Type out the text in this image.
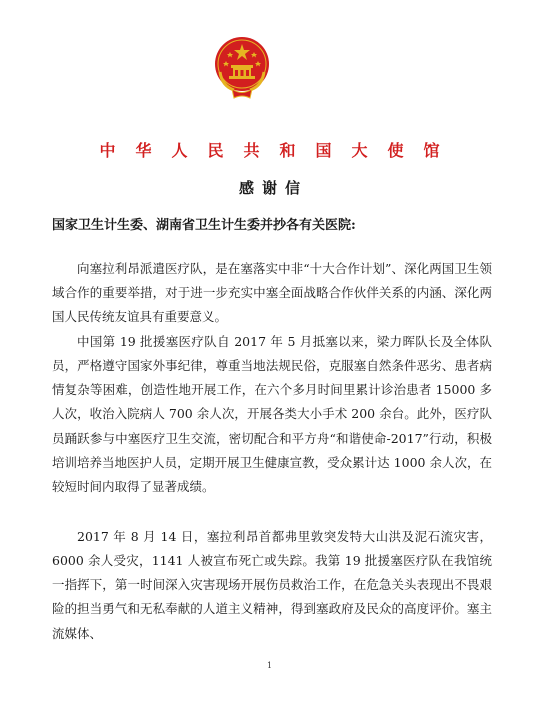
中华人民共和国大使馆
感谢信
国家卫生计生委、湖南省卫生计生委并抄各有关医院:

向塞拉利昂派遣医疗队，是在塞落实中非“十大合作计划”、深化两国卫生领域合作的重要举措，对于进一步充实中塞全面战略合作伙伴关系的内涵、深化两国人民传统友谊具有重要意义。

中国第 19 批援塞医疗队自 2017 年 5 月抵塞以来，梁力晖队长及全体队员，严格遵守国家外事纪律，尊重当地法规民俗，克服塞自然条件恶劣、患者病情复杂等困难，创造性地开展工作，在六个多月时间里累计诊治患者 15000 多人次，收治入院病人 700 余人次，开展各类大小手术 200 余台。此外，医疗队员踊跃参与中塞医疗卫生交流，密切配合和平方舟“和谐使命-2017”行动，积极培训培养当地医护人员，定期开展卫生健康宣教，受众累计达 1000 余人次，在较短时间内取得了显著成绩。

2017 年 8 月 14 日，塞拉利昂首都弗里敦突发特大山洪及泥石流灾害，6000 余人受灾，1141 人被宣布死亡或失踪。我第 19 批援塞医疗队在我馆统一指挥下，第一时间深入灾害现场开展伤员救治工作，在危急关头表现出不畏艰险的担当勇气和无私奉献的人道主义精神，得到塞政府及民众的高度评价。塞主流媒体、

1
